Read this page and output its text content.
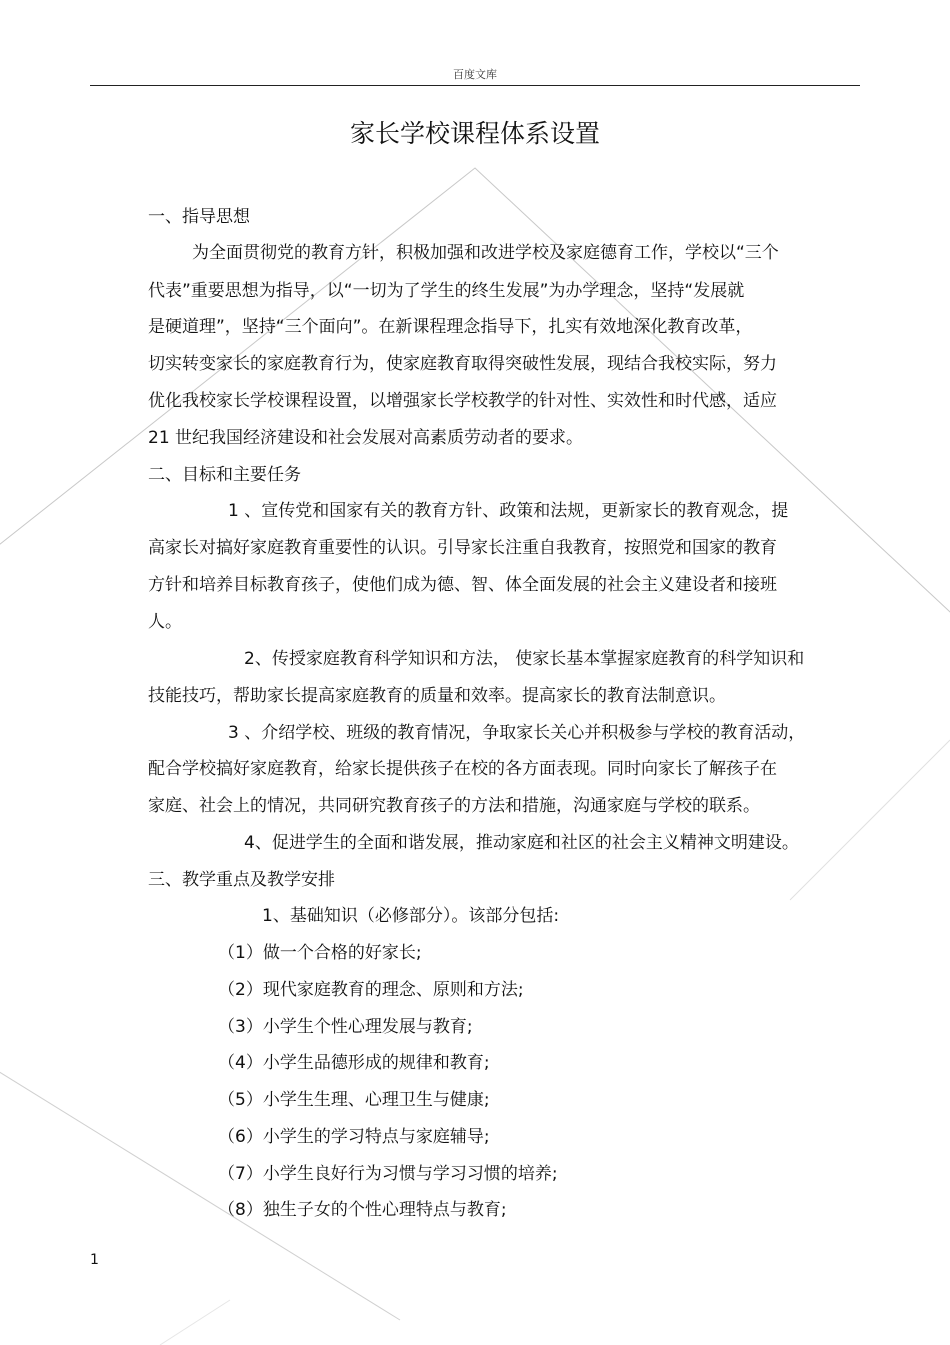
百度文库
家长学校课程体系设置
一、指导思想
为全面贯彻党的教育方针，积极加强和改进学校及家庭德育工作，学校以“三个
代表”重要思想为指导，以“一切为了学生的终生发展”为办学理念，坚持“发展就
是硬道理”，坚持“三个面向”。在新课程理念指导下，扎实有效地深化教育改革，
切实转变家长的家庭教育行为，使家庭教育取得突破性发展，现结合我校实际，努力
优化我校家长学校课程设置，以增强家长学校教学的针对性、实效性和时代感，适应
21 世纪我国经济建设和社会发展对高素质劳动者的要求。
二、目标和主要任务
1 、宣传党和国家有关的教育方针、政策和法规，更新家长的教育观念，提
高家长对搞好家庭教育重要性的认识。引导家长注重自我教育，按照党和国家的教育
方针和培养目标教育孩子，使他们成为德、智、体全面发展的社会主义建设者和接班
人。
2、传授家庭教育科学知识和方法， 使家长基本掌握家庭教育的科学知识和
技能技巧，帮助家长提高家庭教育的质量和效率。提高家长的教育法制意识。
3 、介绍学校、班级的教育情况，争取家长关心并积极参与学校的教育活动，
配合学校搞好家庭教育，给家长提供孩子在校的各方面表现。同时向家长了解孩子在
家庭、社会上的情况，共同研究教育孩子的方法和措施，沟通家庭与学校的联系。
4、促进学生的全面和谐发展，推动家庭和社区的社会主义精神文明建设。
三、教学重点及教学安排
1、基础知识（必修部分）。该部分包括:
（1）做一个合格的好家长;
（2）现代家庭教育的理念、原则和方法;
（3）小学生个性心理发展与教育;
（4）小学生品德形成的规律和教育;
（5）小学生生理、心理卫生与健康;
（6）小学生的学习特点与家庭辅导;
（7）小学生良好行为习惯与学习习惯的培养;
（8）独生子女的个性心理特点与教育;
1
